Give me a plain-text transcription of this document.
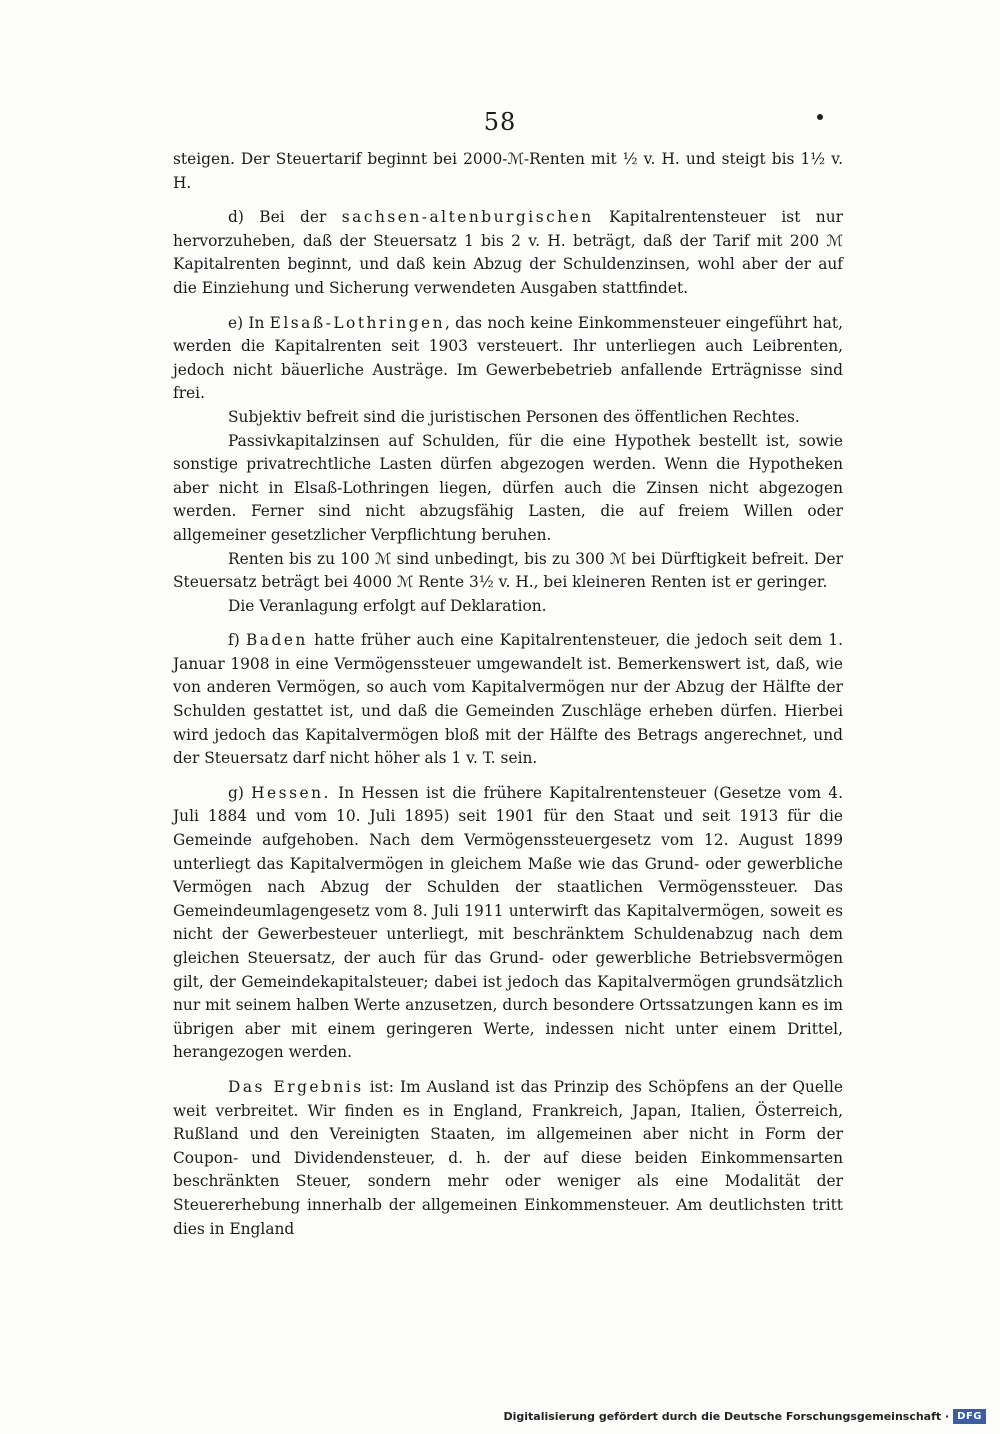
58

steigen. Der Steuertarif beginnt bei 2000-ℳ-Renten mit ½ v. H. und steigt bis 1½ v. H.

d) Bei der sachsen-altenburgischen Kapitalrentensteuer ist nur hervorzuheben, daß der Steuersatz 1 bis 2 v. H. beträgt, daß der Tarif mit 200 ℳ Kapitalrenten beginnt, und daß kein Abzug der Schuldenzinsen, wohl aber der auf die Einziehung und Sicherung verwendeten Ausgaben stattfindet.

e) In Elsaß-Lothringen, das noch keine Einkommensteuer eingeführt hat, werden die Kapitalrenten seit 1903 versteuert. Ihr unterliegen auch Leibrenten, jedoch nicht bäuerliche Austräge. Im Gewerbebetrieb anfallende Erträgnisse sind frei.

Subjektiv befreit sind die juristischen Personen des öffentlichen Rechtes.

Passivkapitalzinsen auf Schulden, für die eine Hypothek bestellt ist, sowie sonstige privatrechtliche Lasten dürfen abgezogen werden. Wenn die Hypotheken aber nicht in Elsaß-Lothringen liegen, dürfen auch die Zinsen nicht abgezogen werden. Ferner sind nicht abzugsfähig Lasten, die auf freiem Willen oder allgemeiner gesetzlicher Verpflichtung beruhen.

Renten bis zu 100 ℳ sind unbedingt, bis zu 300 ℳ bei Dürftigkeit befreit. Der Steuersatz beträgt bei 4000 ℳ Rente 3½ v. H., bei kleineren Renten ist er geringer.

Die Veranlagung erfolgt auf Deklaration.

f) Baden hatte früher auch eine Kapitalrentensteuer, die jedoch seit dem 1. Januar 1908 in eine Vermögenssteuer umgewandelt ist. Bemerkenswert ist, daß, wie von anderen Vermögen, so auch vom Kapitalvermögen nur der Abzug der Hälfte der Schulden gestattet ist, und daß die Gemeinden Zuschläge erheben dürfen. Hierbei wird jedoch das Kapitalvermögen bloß mit der Hälfte des Betrags angerechnet, und der Steuersatz darf nicht höher als 1 v. T. sein.

g) Hessen. In Hessen ist die frühere Kapitalrentensteuer (Gesetze vom 4. Juli 1884 und vom 10. Juli 1895) seit 1901 für den Staat und seit 1913 für die Gemeinde aufgehoben. Nach dem Vermögenssteuergesetz vom 12. August 1899 unterliegt das Kapitalvermögen in gleichem Maße wie das Grund- oder gewerbliche Vermögen nach Abzug der Schulden der staatlichen Vermögenssteuer. Das Gemeindeumlagengesetz vom 8. Juli 1911 unterwirft das Kapitalvermögen, soweit es nicht der Gewerbesteuer unterliegt, mit beschränktem Schuldenabzug nach dem gleichen Steuersatz, der auch für das Grund- oder gewerbliche Betriebsvermögen gilt, der Gemeindekapitalsteuer; dabei ist jedoch das Kapitalvermögen grundsätzlich nur mit seinem halben Werte anzusetzen, durch besondere Ortssatzungen kann es im übrigen aber mit einem geringeren Werte, indessen nicht unter einem Drittel, herangezogen werden.

Das Ergebnis ist: Im Ausland ist das Prinzip des Schöpfens an der Quelle weit verbreitet. Wir finden es in England, Frankreich, Japan, Italien, Österreich, Rußland und den Vereinigten Staaten, im allgemeinen aber nicht in Form der Coupon- und Dividendensteuer, d. h. der auf diese beiden Einkommensarten beschränkten Steuer, sondern mehr oder weniger als eine Modalität der Steuererhebung innerhalb der allgemeinen Einkommensteuer. Am deutlichsten tritt dies in England

Digitalisierung gefördert durch die Deutsche Forschungsgemeinschaft · DFG
